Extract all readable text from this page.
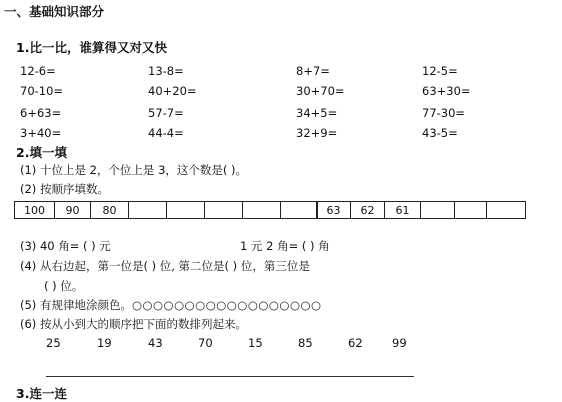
一、基础知识部分
1.比一比，谁算得又对又快
12-6=	13-8=	8+7=	12-5=
70-10=	40+20=	30+70=	63+30=
6+63=	57-7=	34+5=	77-30=
3+40=	44-4=	32+9=	43-5=
2.填一填
(1) 十位上是 2，个位上是 3，这个数是( )。
(2) 按顺序填数。
100	90	80	63	62	61
(3) 40 角= ( ) 元	1 元 2 角= ( ) 角
(4) 从右边起，第一位是( ) 位, 第二位是( ) 位，第三位是
( ) 位。
(5) 有规律地涂颜色。○○○○○○○○○○○○○○○○○○
(6) 按从小到大的顺序把下面的数排列起来。
25	19	43	70	15	85	62	99
3.连一连
